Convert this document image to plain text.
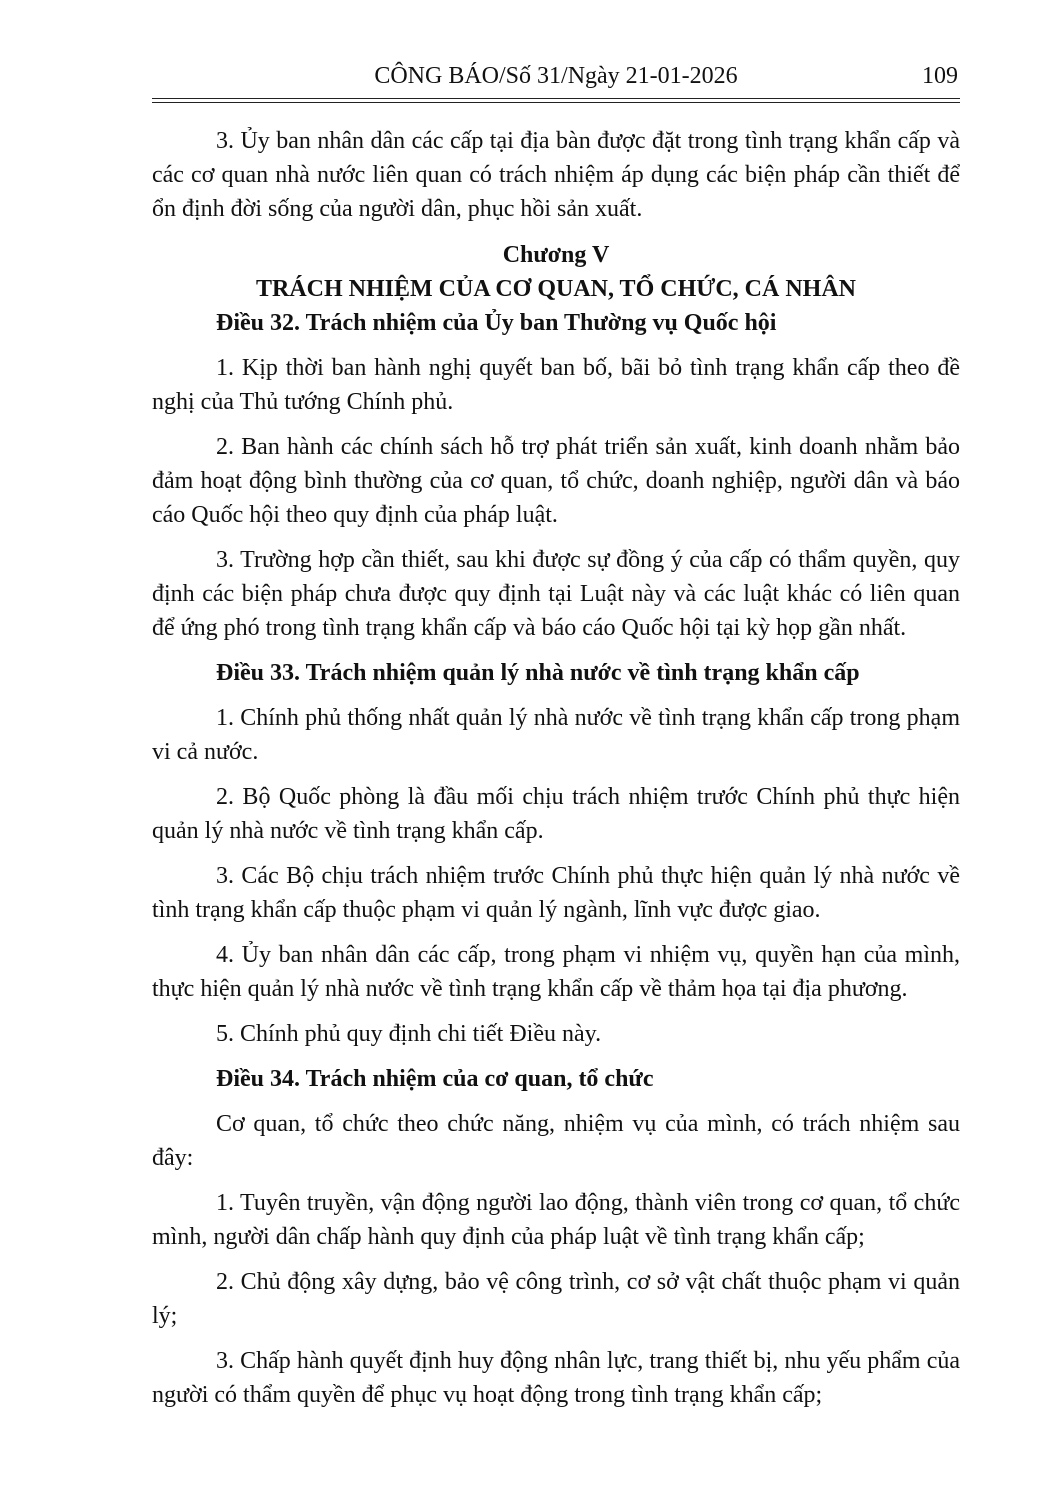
CÔNG BÁO/Số 31/Ngày 21-01-2026	109

3. Ủy ban nhân dân các cấp tại địa bàn được đặt trong tình trạng khẩn cấp và các cơ quan nhà nước liên quan có trách nhiệm áp dụng các biện pháp cần thiết để ổn định đời sống của người dân, phục hồi sản xuất.

Chương V

TRÁCH NHIỆM CỦA CƠ QUAN, TỔ CHỨC, CÁ NHÂN

Điều 32. Trách nhiệm của Ủy ban Thường vụ Quốc hội

1. Kịp thời ban hành nghị quyết ban bố, bãi bỏ tình trạng khẩn cấp theo đề nghị của Thủ tướng Chính phủ.

2. Ban hành các chính sách hỗ trợ phát triển sản xuất, kinh doanh nhằm bảo đảm hoạt động bình thường của cơ quan, tổ chức, doanh nghiệp, người dân và báo cáo Quốc hội theo quy định của pháp luật.

3. Trường hợp cần thiết, sau khi được sự đồng ý của cấp có thẩm quyền, quy định các biện pháp chưa được quy định tại Luật này và các luật khác có liên quan để ứng phó trong tình trạng khẩn cấp và báo cáo Quốc hội tại kỳ họp gần nhất.

Điều 33. Trách nhiệm quản lý nhà nước về tình trạng khẩn cấp

1. Chính phủ thống nhất quản lý nhà nước về tình trạng khẩn cấp trong phạm vi cả nước.

2. Bộ Quốc phòng là đầu mối chịu trách nhiệm trước Chính phủ thực hiện quản lý nhà nước về tình trạng khẩn cấp.

3. Các Bộ chịu trách nhiệm trước Chính phủ thực hiện quản lý nhà nước về tình trạng khẩn cấp thuộc phạm vi quản lý ngành, lĩnh vực được giao.

4. Ủy ban nhân dân các cấp, trong phạm vi nhiệm vụ, quyền hạn của mình, thực hiện quản lý nhà nước về tình trạng khẩn cấp về thảm họa tại địa phương.

5. Chính phủ quy định chi tiết Điều này.

Điều 34. Trách nhiệm của cơ quan, tổ chức

Cơ quan, tổ chức theo chức năng, nhiệm vụ của mình, có trách nhiệm sau đây:

1. Tuyên truyền, vận động người lao động, thành viên trong cơ quan, tổ chức mình, người dân chấp hành quy định của pháp luật về tình trạng khẩn cấp;

2. Chủ động xây dựng, bảo vệ công trình, cơ sở vật chất thuộc phạm vi quản lý;

3. Chấp hành quyết định huy động nhân lực, trang thiết bị, nhu yếu phẩm của người có thẩm quyền để phục vụ hoạt động trong tình trạng khẩn cấp;
